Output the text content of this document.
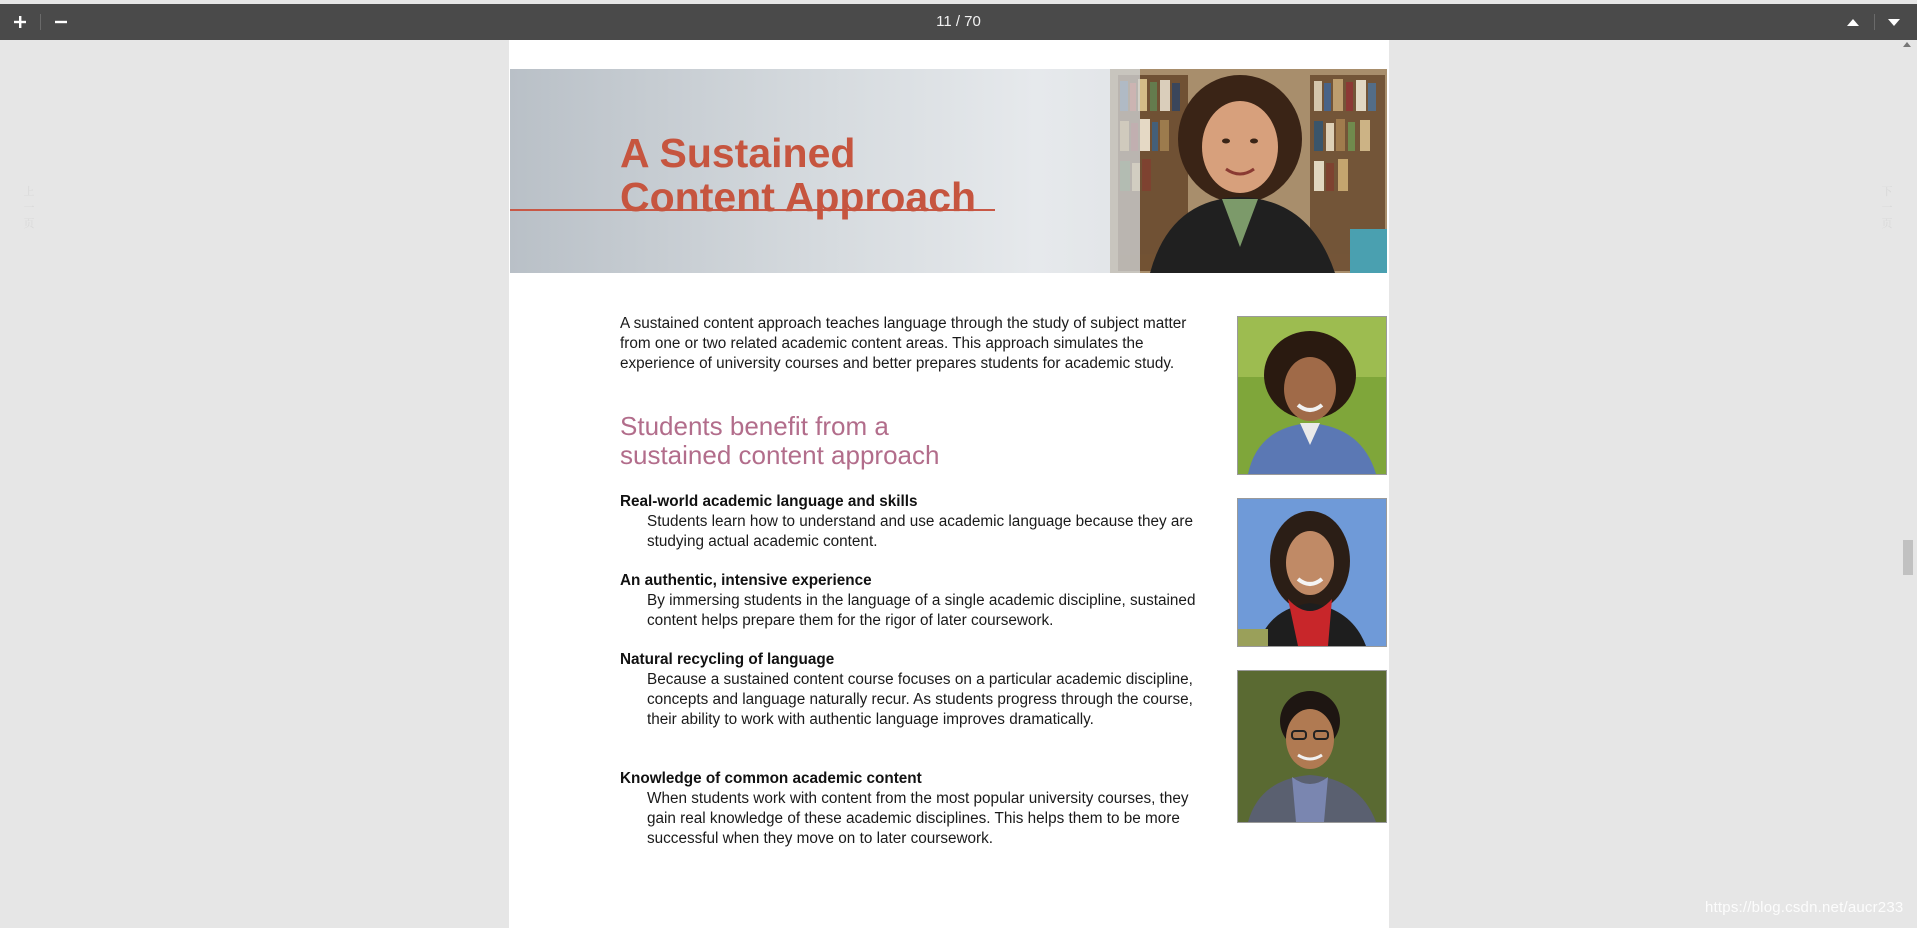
11 / 70
上一页
下一页
A Sustained
Content Approach

A sustained content approach teaches language through the study of subject matter from one or two related academic content areas. This approach simulates the experience of university courses and better prepares students for academic study.

Students benefit from a
sustained content approach

Real-world academic language and skills

Students learn how to understand and use academic language because they are studying actual academic content.

An authentic, intensive experience

By immersing students in the language of a single academic discipline, sustained content helps prepare them for the rigor of later coursework.

Natural recycling of language

Because a sustained content course focuses on a particular academic discipline, concepts and language naturally recur. As students progress through the course, their ability to work with authentic language improves dramatically.

Knowledge of common academic content

When students work with content from the most popular university courses, they gain real knowledge of these academic disciplines. This helps them to be more successful when they move on to later coursework.

https://blog.csdn.net/aucr233
